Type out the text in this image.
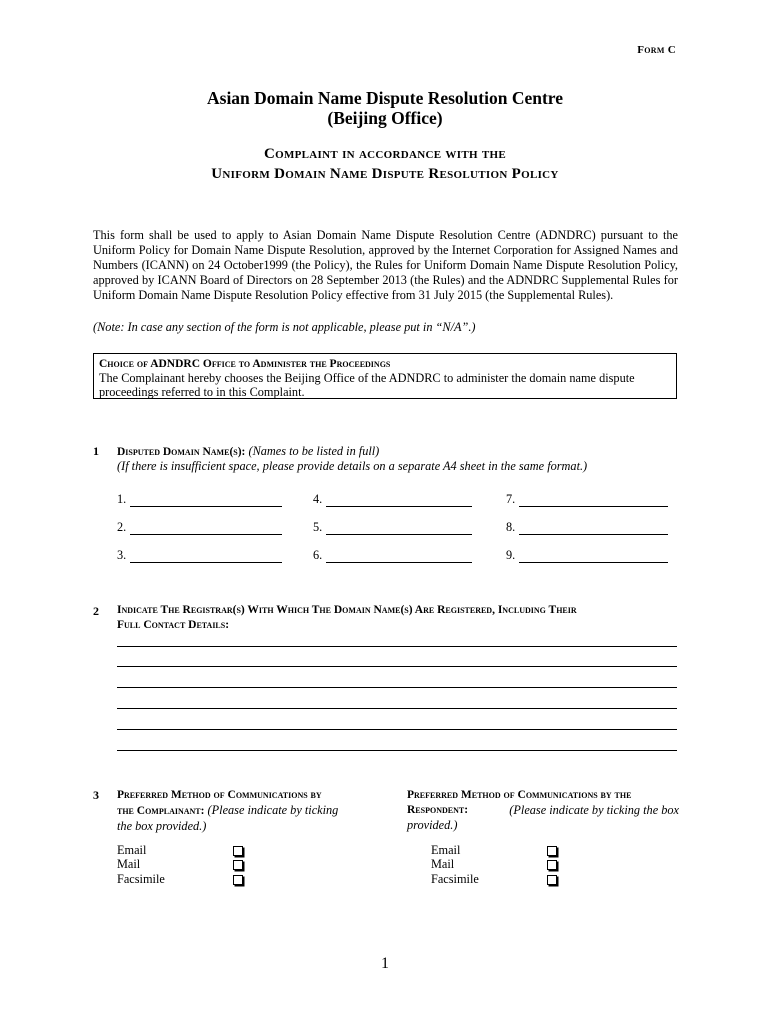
Form C
Asian Domain Name Dispute Resolution Centre
(Beijing Office)
Complaint in accordance with the
Uniform Domain Name Dispute Resolution Policy
This form shall be used to apply to Asian Domain Name Dispute Resolution Centre (ADNDRC) pursuant to the Uniform Policy for Domain Name Dispute Resolution, approved by the Internet Corporation for Assigned Names and Numbers (ICANN) on 24 October1999 (the Policy), the Rules for Uniform Domain Name Dispute Resolution Policy, approved by ICANN Board of Directors on 28 September 2013 (the Rules) and the ADNDRC Supplemental Rules for Uniform Domain Name Dispute Resolution Policy effective from 31 July 2015 (the Supplemental Rules).
(Note: In case any section of the form is not applicable, please put in “N/A”.)
Choice of ADNDRC Office to Administer the Proceedings
The Complainant hereby chooses the Beijing Office of the ADNDRC to administer the domain name dispute proceedings referred to in this Complaint.
1 Disputed Domain Name(s): (Names to be listed in full)
(If there is insufficient space, please provide details on a separate A4 sheet in the same format.)
1.
2.
3.
4.
5.
6.
7.
8.
9.
2 Indicate The Registrar(s) With Which The Domain Name(s) Are Registered, Including Their
Full Contact Details:
3 Preferred Method of Communications by
the Complainant: (Please indicate by ticking
the box provided.)
Preferred Method of Communications by the
Respondent:	(Please indicate by ticking the box
provided.)
Email
Mail
Facsimile
Email
Mail
Facsimile
1
